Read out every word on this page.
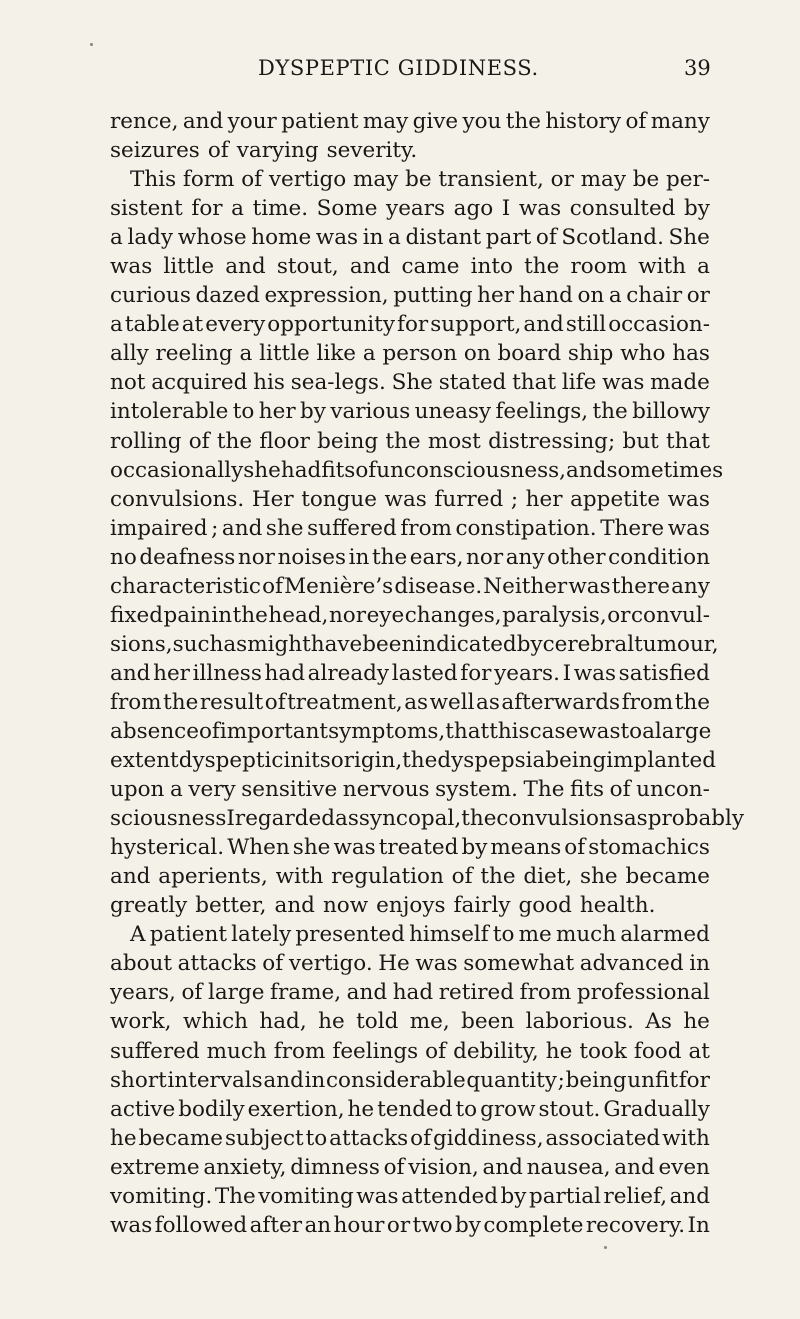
DYSPEPTIC GIDDINESS.	39
rence, and your patient may give you the history of many
seizures of varying severity.
This form of vertigo may be transient, or may be per-
sistent for a time. Some years ago I was consulted by
a lady whose home was in a distant part of Scotland. She
was little and stout, and came into the room with a
curious dazed expression, putting her hand on a chair or
a table at every opportunity for support, and still occasion-
ally reeling a little like a person on board ship who has
not acquired his sea-legs. She stated that life was made
intolerable to her by various uneasy feelings, the billowy
rolling of the floor being the most distressing; but that
occasionally she had fits of unconsciousness, and sometimes
convulsions. Her tongue was furred ; her appetite was
impaired ; and she suffered from constipation. There was
no deafness nor noises in the ears, nor any other condition
characteristic of Menière’s disease. Neither was there any
fixed pain in the head, nor eye changes, paralysis, or convul-
sions, such as might have been indicated by cerebral tumour,
and her illness had already lasted for years. I was satisfied
from the result of treatment, as well as afterwards from the
absence of important symptoms, that this case was to a large
extent dyspeptic in its origin, the dyspepsia being implanted
upon a very sensitive nervous system. The fits of uncon-
sciousness I regarded as syncopal, the convulsions as probably
hysterical. When she was treated by means of stomachics
and aperients, with regulation of the diet, she became
greatly better, and now enjoys fairly good health.
A patient lately presented himself to me much alarmed
about attacks of vertigo. He was somewhat advanced in
years, of large frame, and had retired from professional
work, which had, he told me, been laborious. As he
suffered much from feelings of debility, he took food at
short intervals and in considerable quantity ; being unfit for
active bodily exertion, he tended to grow stout. Gradually
he became subject to attacks of giddiness, associated with
extreme anxiety, dimness of vision, and nausea, and even
vomiting. The vomiting was attended by partial relief, and
was followed after an hour or two by complete recovery. In
